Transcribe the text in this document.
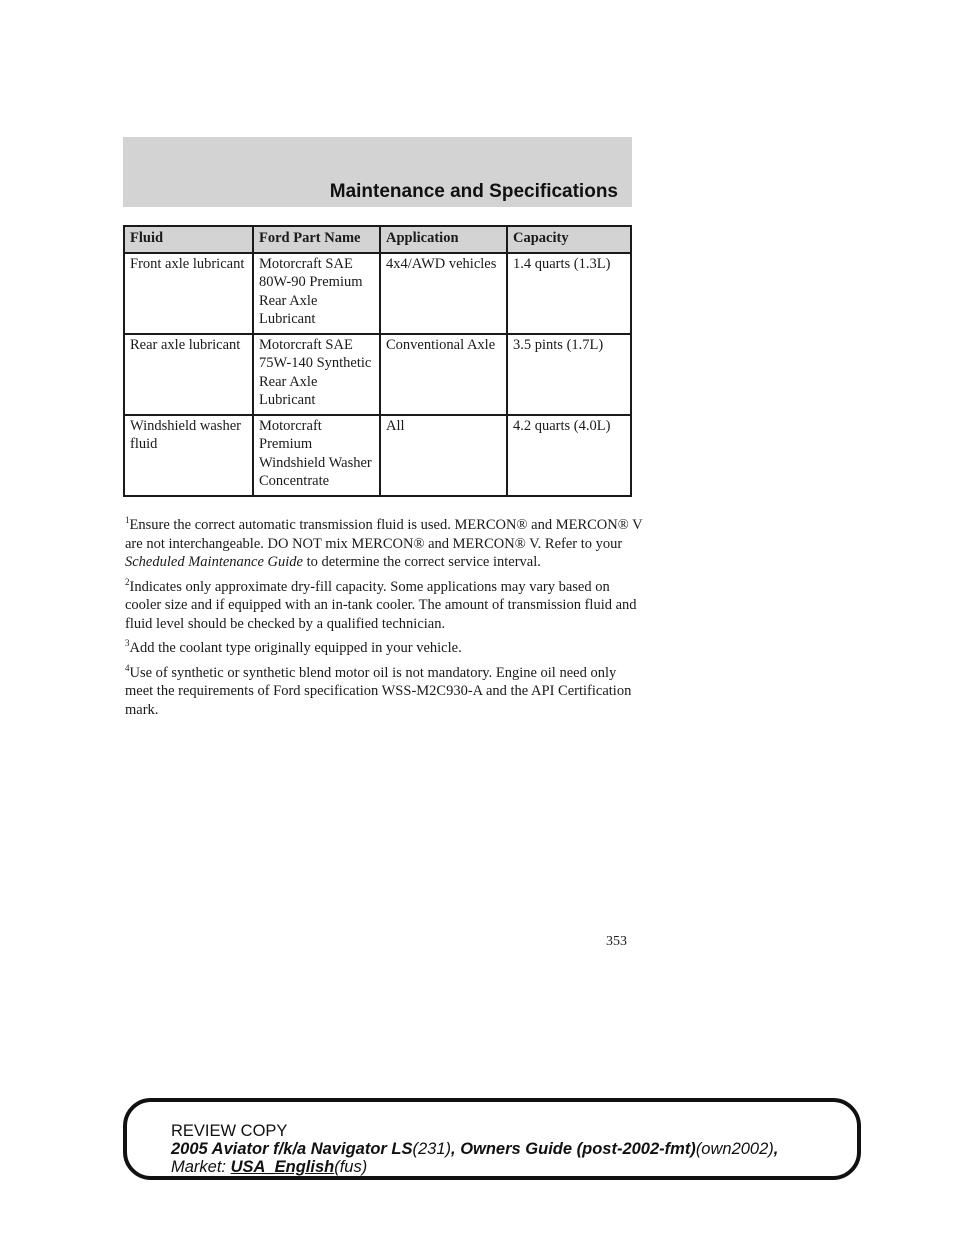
Maintenance and Specifications
Fluid	Ford Part Name	Application	Capacity
Front axle lubricant	Motorcraft SAE 80W-90 Premium Rear Axle Lubricant	4x4/AWD vehicles	1.4 quarts (1.3L)
Rear axle lubricant	Motorcraft SAE 75W-140 Synthetic Rear Axle Lubricant	Conventional Axle	3.5 pints (1.7L)
Windshield washer fluid	Motorcraft Premium Windshield Washer Concentrate	All	4.2 quarts (4.0L)

$^1$Ensure the correct automatic transmission fluid is used. MERCON® and MERCON® V are not interchangeable. DO NOT mix MERCON® and MERCON® V. Refer to your Scheduled Maintenance Guide to determine the correct service interval.

$^2$Indicates only approximate dry-fill capacity. Some applications may vary based on cooler size and if equipped with an in-tank cooler. The amount of transmission fluid and fluid level should be checked by a qualified technician.

$^3$Add the coolant type originally equipped in your vehicle.

$^4$Use of synthetic or synthetic blend motor oil is not mandatory. Engine oil need only meet the requirements of Ford specification WSS-M2C930-A and the API Certification mark.

353
REVIEW COPY
2005 Aviator f/k/a Navigator LS(231), Owners Guide (post-2002-fmt)(own2002),
Market: USA_English(fus)
